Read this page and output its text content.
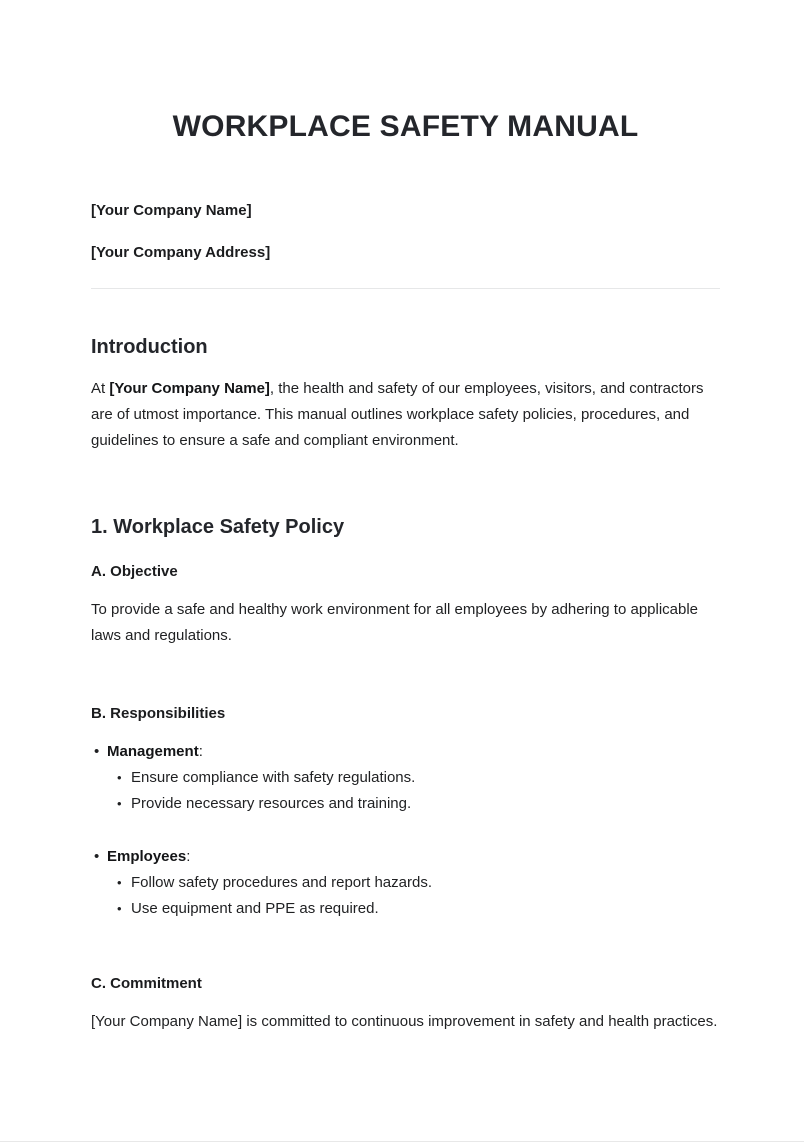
WORKPLACE SAFETY MANUAL

[Your Company Name]

[Your Company Address]

Introduction

At [Your Company Name], the health and safety of our employees, visitors, and contractors are of utmost importance. This manual outlines workplace safety policies, procedures, and guidelines to ensure a safe and compliant environment.

1. Workplace Safety Policy
A. Objective

To provide a safe and healthy work environment for all employees by adhering to applicable laws and regulations.

B. Responsibilities
• Management:
• Ensure compliance with safety regulations.
• Provide necessary resources and training.
• Employees:
• Follow safety procedures and report hazards.
• Use equipment and PPE as required.
C. Commitment

[Your Company Name] is committed to continuous improvement in safety and health practices.
